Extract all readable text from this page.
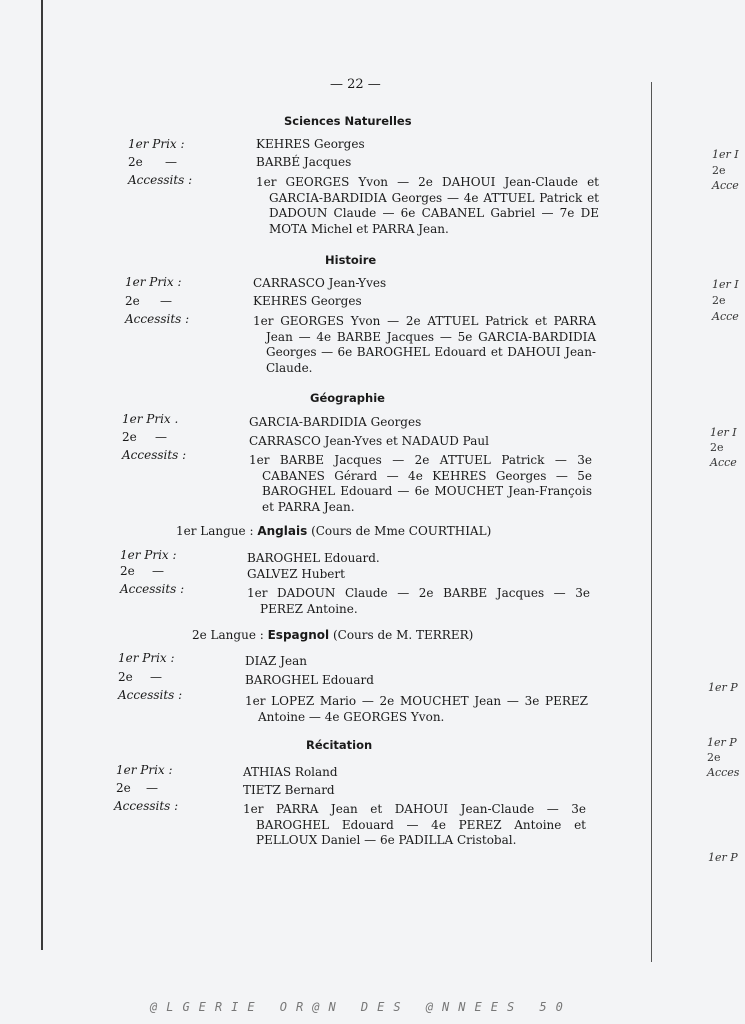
— 22 —
Sciences Naturelles
1er Prix :	KEHRES Georges
2e —	BARBÉ Jacques
Accessits :	1er GEORGES Yvon — 2e DAHOUI Jean-Claude et GARCIA-BARDIDIA Georges — 4e ATTUEL Patrick et DADOUN Claude — 6e CABANEL Gabriel — 7e DE MOTA Michel et PARRA Jean.
Histoire
1er Prix :	CARRASCO Jean-Yves
2e —	KEHRES Georges
Accessits :	1er GEORGES Yvon — 2e ATTUEL Patrick et PARRA Jean — 4e BARBE Jacques — 5e GARCIA-BARDIDIA Georges — 6e BAROGHEL Edouard et DAHOUI Jean-Claude.
Géographie
1er Prix .	GARCIA-BARDIDIA Georges
2e —	CARRASCO Jean-Yves et NADAUD Paul
Accessits :	1er BARBE Jacques — 2e ATTUEL Patrick — 3e CABANES Gérard — 4e KEHRES Georges — 5e BAROGHEL Edouard — 6e MOUCHET Jean-François et PARRA Jean.
1er Langue : Anglais (Cours de Mme COURTHIAL)
1er Prix :	BAROGHEL Edouard.
2e —	GALVEZ Hubert
Accessits :	1er DADOUN Claude — 2e BARBE Jacques — 3e PEREZ Antoine.
2e Langue : Espagnol (Cours de M. TERRER)
1er Prix :	DIAZ Jean
2e —	BAROGHEL Edouard
Accessits :	1er LOPEZ Mario — 2e MOUCHET Jean — 3e PEREZ Antoine — 4e GEORGES Yvon.
Récitation
1er Prix :	ATHIAS Roland
2e —	TIETZ Bernard
Accessits :	1er PARRA Jean et DAHOUI Jean-Claude — 3e BAROGHEL Edouard — 4e PEREZ Antoine et PELLOUX Daniel — 6e PADILLA Cristobal.
1er I
2e
Acce
1er I
2e
Acce
1er I
2e
Acce
1er P
1er P
2e
Acces
1er P
@LGERIE OR@N DES @NNEES 50
